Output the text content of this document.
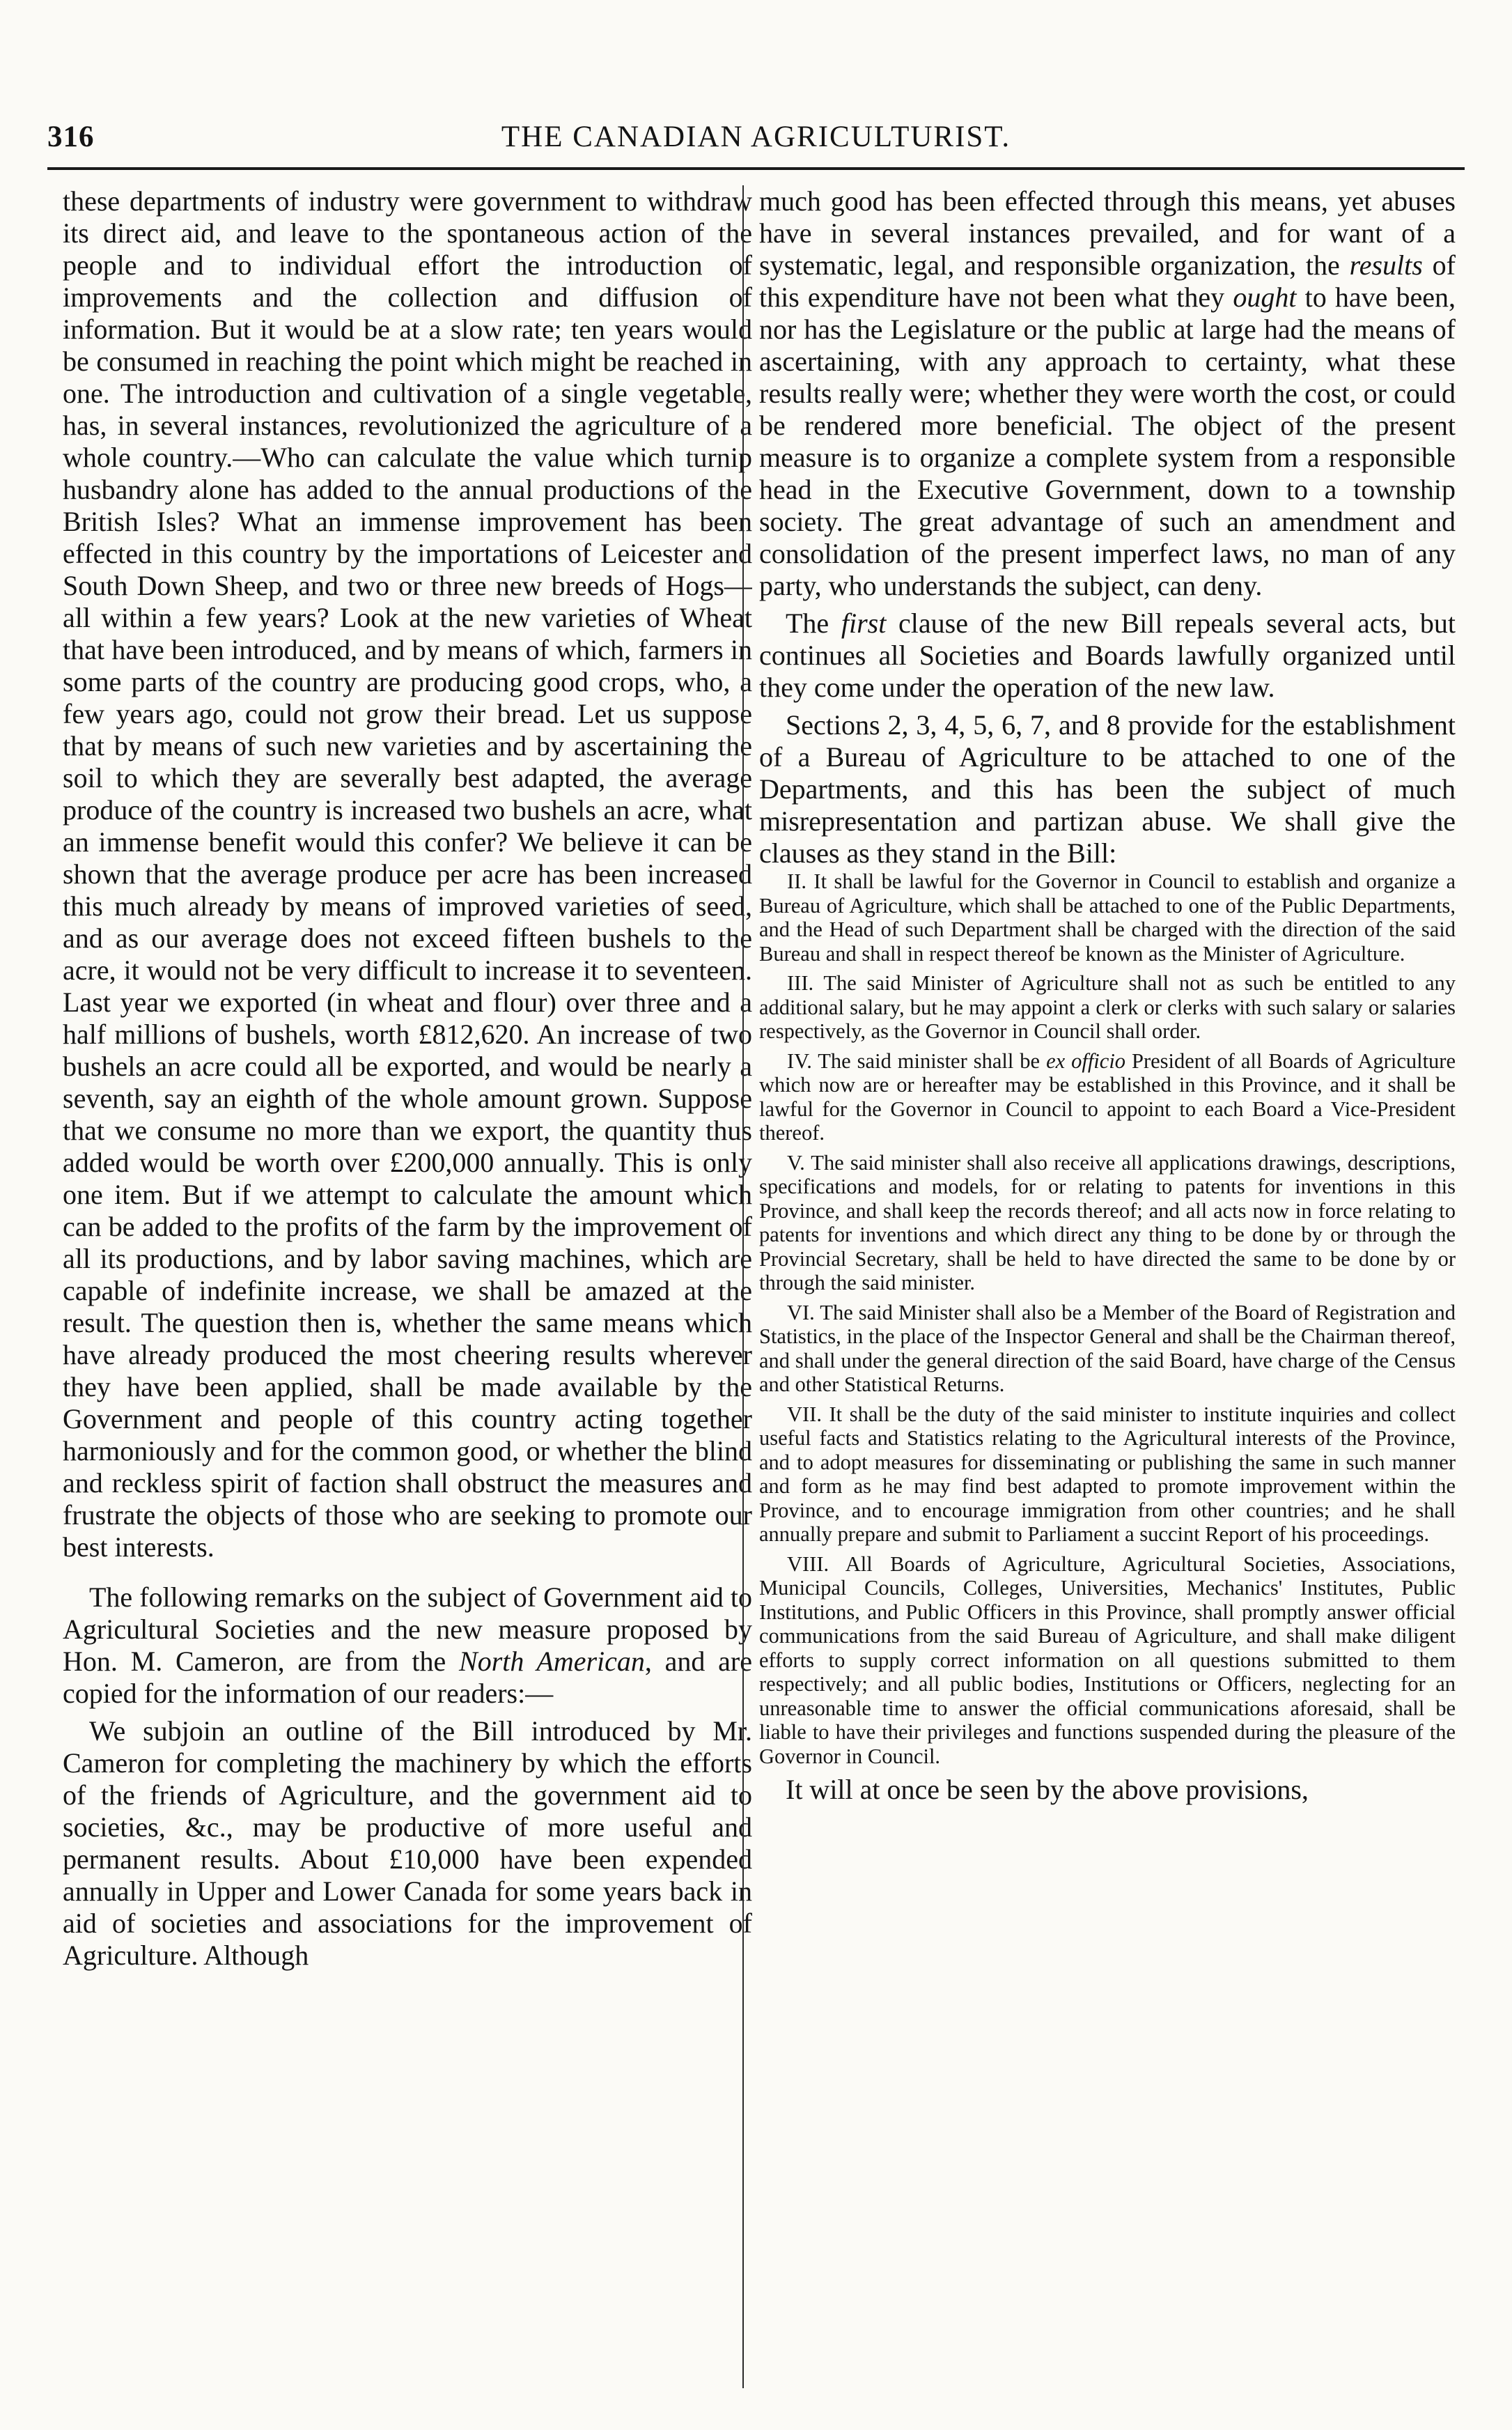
316	THE CANADIAN AGRICULTURIST.

these departments of industry were government to withdraw its direct aid, and leave to the spontaneous action of the people and to individual effort the introduction of improvements and the collection and diffusion of information. But it would be at a slow rate; ten years would be consumed in reaching the point which might be reached in one. The introduction and cultivation of a single vegetable, has, in several instances, revolutionized the agriculture of a whole country.—Who can calculate the value which turnip husbandry alone has added to the annual productions of the British Isles? What an immense improvement has been effected in this country by the importations of Leicester and South Down Sheep, and two or three new breeds of Hogs—all within a few years? Look at the new varieties of Wheat that have been introduced, and by means of which, farmers in some parts of the country are producing good crops, who, a few years ago, could not grow their bread. Let us suppose that by means of such new varieties and by ascertaining the soil to which they are severally best adapted, the average produce of the country is increased two bushels an acre, what an immense benefit would this confer? We believe it can be shown that the average produce per acre has been increased this much already by means of improved varieties of seed, and as our average does not exceed fifteen bushels to the acre, it would not be very difficult to increase it to seventeen. Last year we exported (in wheat and flour) over three and a half millions of bushels, worth £812,620. An increase of two bushels an acre could all be exported, and would be nearly a seventh, say an eighth of the whole amount grown. Suppose that we consume no more than we export, the quantity thus added would be worth over £200,000 annually. This is only one item. But if we attempt to calculate the amount which can be added to the profits of the farm by the improvement of all its productions, and by labor saving machines, which are capable of indefinite increase, we shall be amazed at the result. The question then is, whether the same means which have already produced the most cheering results wherever they have been applied, shall be made available by the Government and people of this country acting together harmoniously and for the common good, or whether the blind and reckless spirit of faction shall obstruct the measures and frustrate the objects of those who are seeking to promote our best interests.

The following remarks on the subject of Government aid to Agricultural Societies and the new measure proposed by Hon. M. Cameron, are from the North American, and are copied for the information of our readers:—

We subjoin an outline of the Bill introduced by Mr. Cameron for completing the machinery by which the efforts of the friends of Agriculture, and the government aid to societies, &c., may be productive of more useful and permanent results. About £10,000 have been expended annually in Upper and Lower Canada for some years back in aid of societies and associations for the improvement of Agriculture. Although

much good has been effected through this means, yet abuses have in several instances prevailed, and for want of a systematic, legal, and responsible organization, the results of this expenditure have not been what they ought to have been, nor has the Legislature or the public at large had the means of ascertaining, with any approach to certainty, what these results really were; whether they were worth the cost, or could be rendered more beneficial. The object of the present measure is to organize a complete system from a responsible head in the Executive Government, down to a township society. The great advantage of such an amendment and consolidation of the present imperfect laws, no man of any party, who understands the subject, can deny.

The first clause of the new Bill repeals several acts, but continues all Societies and Boards lawfully organized until they come under the operation of the new law.

Sections 2, 3, 4, 5, 6, 7, and 8 provide for the establishment of a Bureau of Agriculture to be attached to one of the Departments, and this has been the subject of much misrepresentation and partizan abuse. We shall give the clauses as they stand in the Bill:

II. It shall be lawful for the Governor in Council to establish and organize a Bureau of Agriculture, which shall be attached to one of the Public Departments, and the Head of such Department shall be charged with the direction of the said Bureau and shall in respect thereof be known as the Minister of Agriculture.

III. The said Minister of Agriculture shall not as such be entitled to any additional salary, but he may appoint a clerk or clerks with such salary or salaries respectively, as the Governor in Council shall order.

IV. The said minister shall be ex officio President of all Boards of Agriculture which now are or hereafter may be established in this Province, and it shall be lawful for the Governor in Council to appoint to each Board a Vice-President thereof.

V. The said minister shall also receive all applications drawings, descriptions, specifications and models, for or relating to patents for inventions in this Province, and shall keep the records thereof; and all acts now in force relating to patents for inventions and which direct any thing to be done by or through the Provincial Secretary, shall be held to have directed the same to be done by or through the said minister.

VI. The said Minister shall also be a Member of the Board of Registration and Statistics, in the place of the Inspector General and shall be the Chairman thereof, and shall under the general direction of the said Board, have charge of the Census and other Statistical Returns.

VII. It shall be the duty of the said minister to institute inquiries and collect useful facts and Statistics relating to the Agricultural interests of the Province, and to adopt measures for disseminating or publishing the same in such manner and form as he may find best adapted to promote improvement within the Province, and to encourage immigration from other countries; and he shall annually prepare and submit to Parliament a succint Report of his proceedings.

VIII. All Boards of Agriculture, Agricultural Societies, Associations, Municipal Councils, Colleges, Universities, Mechanics' Institutes, Public Institutions, and Public Officers in this Province, shall promptly answer official communications from the said Bureau of Agriculture, and shall make diligent efforts to supply correct information on all questions submitted to them respectively; and all public bodies, Institutions or Officers, neglecting for an unreasonable time to answer the official communications aforesaid, shall be liable to have their privileges and functions suspended during the pleasure of the Governor in Council.

It will at once be seen by the above provisions,
